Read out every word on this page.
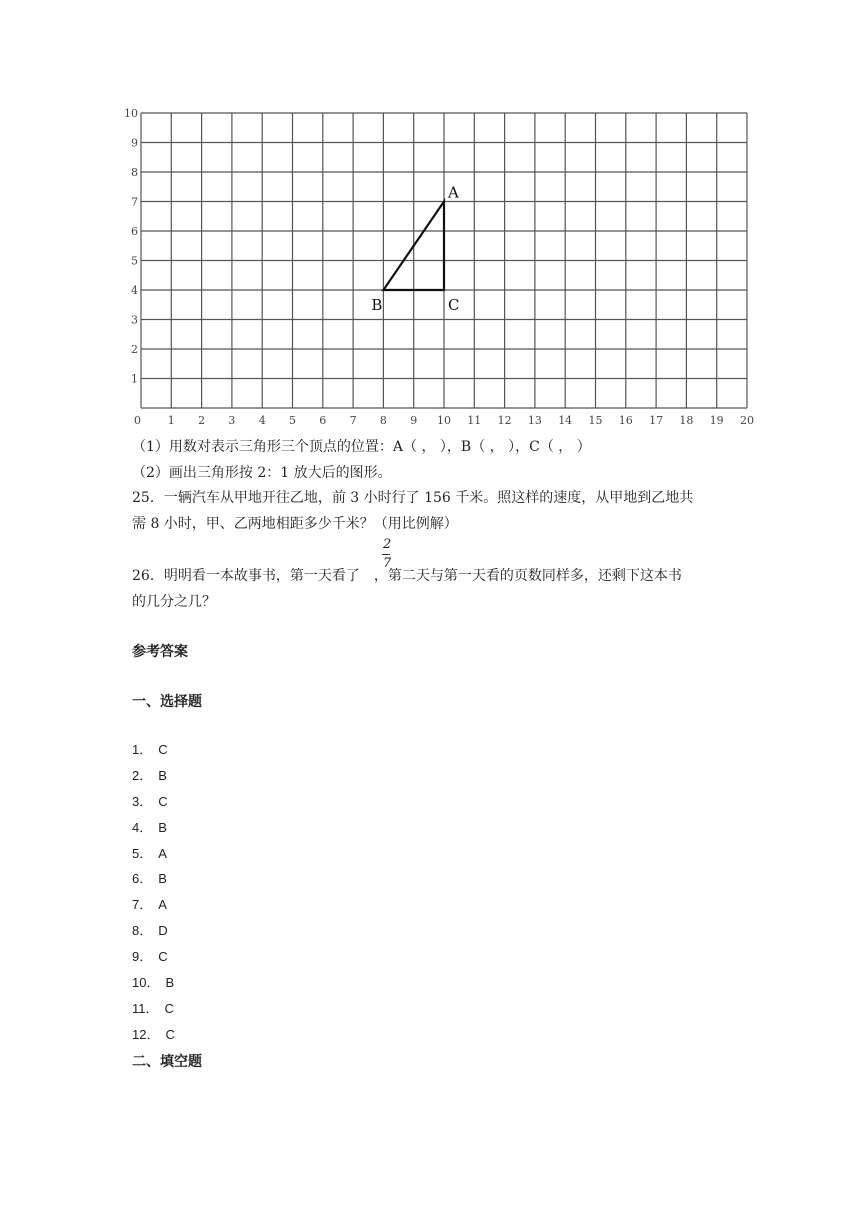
0 1 2 3 4 5 6 7 8 9 10 11 12 13 14 15 16 17 18 19 20
1
2
3
4
5
6
7
8
9
10
A
B	C
（1）用数对表示三角形三个顶点的位置：A（ ， ），B（ ， ），C（ ， ）
（2）画出三角形按 2：1 放大后的图形。
25．一辆汽车从甲地开往乙地，前 3 小时行了 156 千米。照这样的速度，从甲地到乙地共
需 8 小时，甲、乙两地相距多少千米？（用比例解）
26．明明看一本故事书，第一天看了 ，第二天与第一天看的页数同样多，还剩下这本书
2
7
的几分之几？
参考答案
一、选择题
1． C
2． B
3． C
4． B
5． A
6． B
7． A
8． D
9． C
10． B
11． C
12． C
二、填空题
